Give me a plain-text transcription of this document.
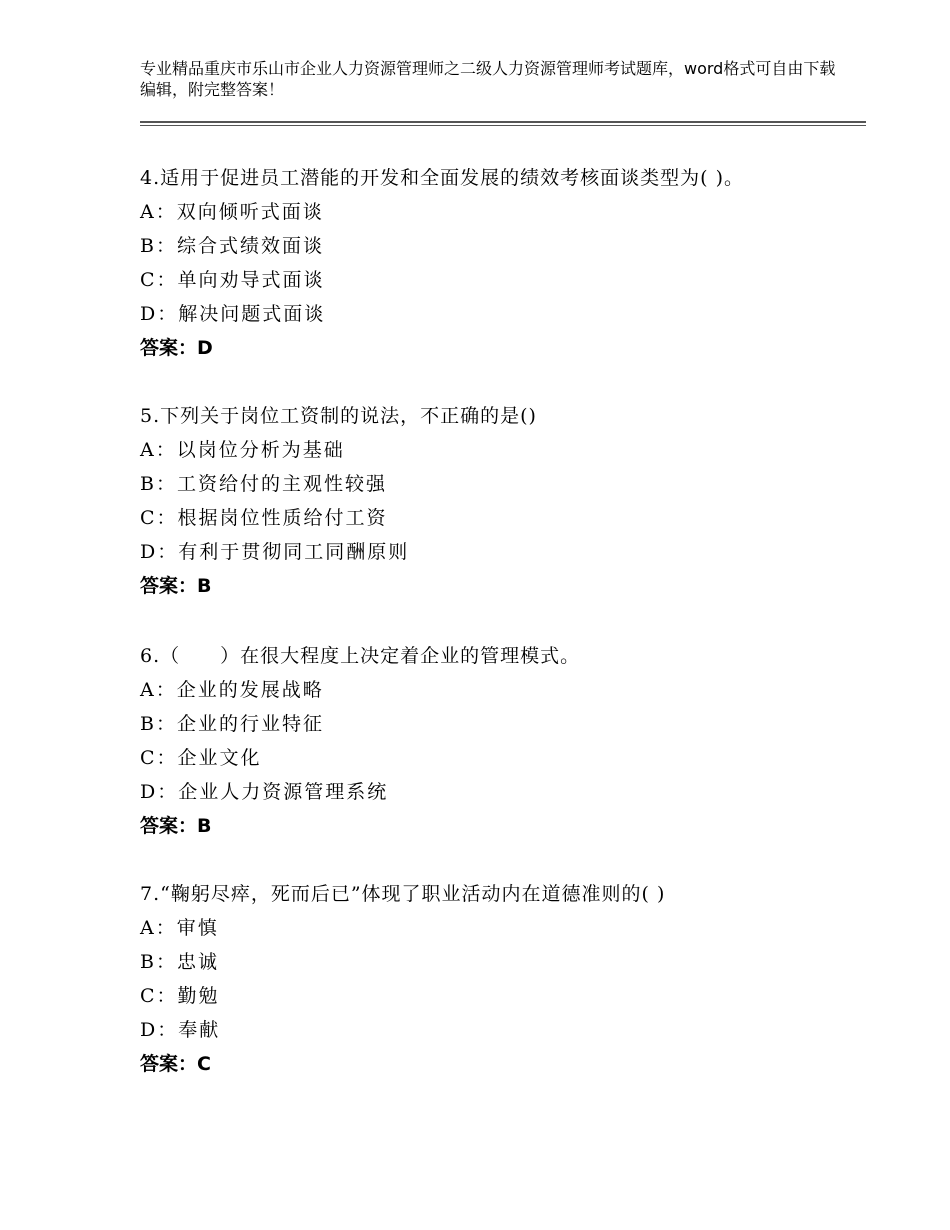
专业精品重庆市乐山市企业人力资源管理师之二级人力资源管理师考试题库，word格式可自由下载编辑，附完整答案！
4.适用于促进员工潜能的开发和全面发展的绩效考核面谈类型为( )。
A：双向倾听式面谈
B：综合式绩效面谈
C：单向劝导式面谈
D：解决问题式面谈
答案：D
5.下列关于岗位工资制的说法，不正确的是()
A：以岗位分析为基础
B：工资给付的主观性较强
C：根据岗位性质给付工资
D：有利于贯彻同工同酬原则
答案：B
6.（　　）在很大程度上决定着企业的管理模式。
A：企业的发展战略
B：企业的行业特征
C：企业文化
D：企业人力资源管理系统
答案：B
7.“鞠躬尽瘁，死而后已”体现了职业活动内在道德准则的( )
A：审慎
B：忠诚
C：勤勉
D：奉献
答案：C
